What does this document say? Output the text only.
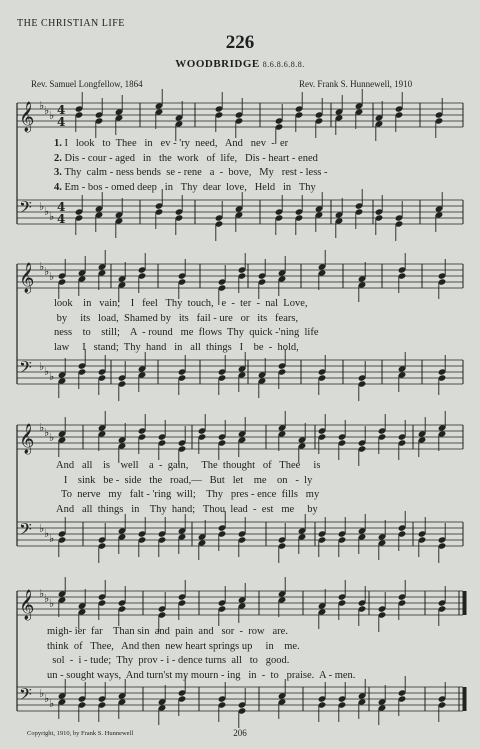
THE CHRISTIAN LIFE
226
WOODBRIDGE 8.6.8.6.8.8.
Rev. Samuel Longfellow, 1864	Rev. Frank S. Hunnewell, 1910
𝄞 ♭ ♭ ♭ 4
4
𝄢 ♭ ♭ ♭
4
4
𝄞 ♭ ♭ ♭
𝄢 ♭ ♭ ♭
𝄞 ♭ ♭ ♭
𝄢 ♭ ♭ ♭
𝄞 ♭ ♭ ♭
𝄢 ♭ ♭ ♭
1. I   look   to  Thee   in   ev - 'ry  need,   And   nev  -  er
2. Dis - cour - aged   in   the  work   of  life,   Dis - heart - ened
3. Thy  calm - ness bends  se - rene   a  -  bove,   My   rest - less -
4. Em - bos - omed deep   in   Thy  dear  love,   Held   in   Thy
look    in   vain;    I   feel   Thy  touch,   e  -  ter  -  nal  Love,
by     its   load,  Shamed by   its   fail - ure   or   its   fears,
ness    to    still;    A  - round   me  flows  Thy  quick -'ning  life
law     I   stand;  Thy  hand   in   all  things   I    be  -  hold,
And   all    is    well    a  -  gain,     The  thought   of   Thee     is
I    sink   be -  side   the   road,—   But   let    me    on   -  ly
To  nerve   my   falt - 'ring  will;    Thy   pres - ence  fills   my
And   all  things   in    Thy  hand;   Thou  lead  -  est   me     by
migh- ier  far    Than sin  and  pain  and   sor  -  row   are.
think  of   Thee,   And then  new heart springs up     in    me.
sol  -  i - tude;  Thy  prov - i - dence turns  all   to   good.
un - sought ways,  And turn'st my mourn - ing   in  -  to   praise.  A - men.
Copyright, 1910, by Frank S. Hunnewell	206
